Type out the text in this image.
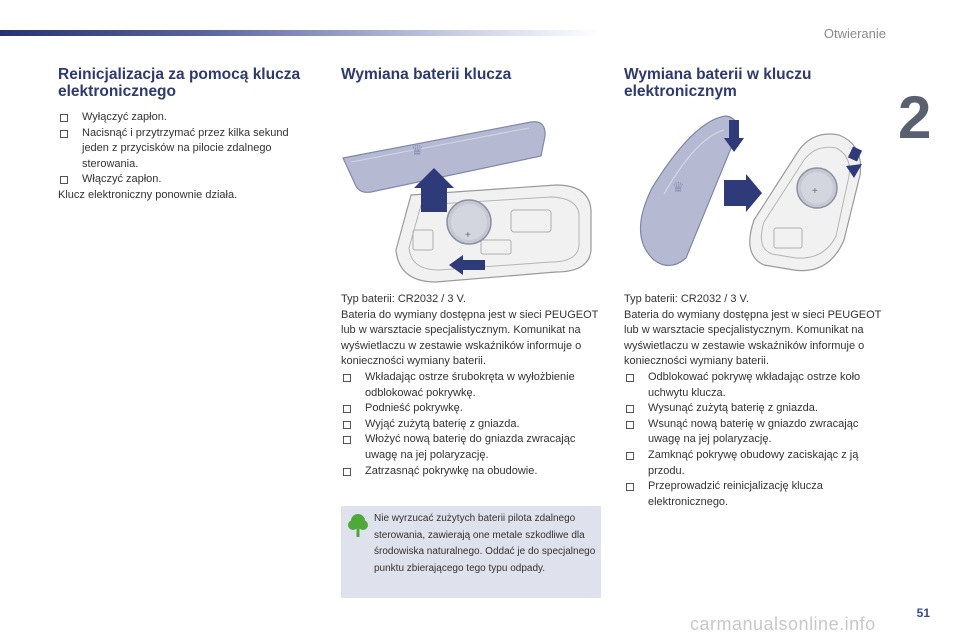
Otwieranie
2
Reinicjalizacja za pomocą klucza elektronicznego
Wyłączyć zapłon.
Nacisnąć i przytrzymać przez kilka sekund jeden z przycisków na pilocie zdalnego sterowania.
Włączyć zapłon.

Klucz elektroniczny ponownie działa.

Wymiana baterii klucza
+
♛

Typ baterii: CR2032 / 3 V.

Bateria do wymiany dostępna jest w sieci PEUGEOT lub w warsztacie specjalistycznym. Komunikat na wyświetlaczu w zestawie wskaźników informuje o konieczności wymiany baterii.

Wkładając ostrze śrubokręta w wyłożbienie odblokować pokrywkę.
Podnieść pokrywkę.
Wyjąć zużytą baterię z gniazda.
Włożyć nową baterię do gniazda zwracając uwagę na jej polaryzację.
Zatrzasnąć pokrywkę na obudowie.
Nie wyrzucać zużytych baterii pilota zdalnego sterowania, zawierają one metale szkodliwe dla środowiska naturalnego. Oddać je do specjalnego punktu zbierającego tego typu odpady.
Wymiana baterii w kluczu elektronicznym
♛	+

Typ baterii: CR2032 / 3 V.

Bateria do wymiany dostępna jest w sieci PEUGEOT lub w warsztacie specjalistycznym. Komunikat na wyświetlaczu w zestawie wskaźników informuje o konieczności wymiany baterii.

Odblokować pokrywę wkładając ostrze koło uchwytu klucza.
Wysunąć zużytą baterię z gniazda.
Wsunąć nową baterię w gniazdo zwracając uwagę na jej polaryzację.
Zamknąć pokrywę obudowy zaciskając z ją przodu.
Przeprowadzić reinicjalizację klucza elektronicznego.
51
carmanualsonline.info
